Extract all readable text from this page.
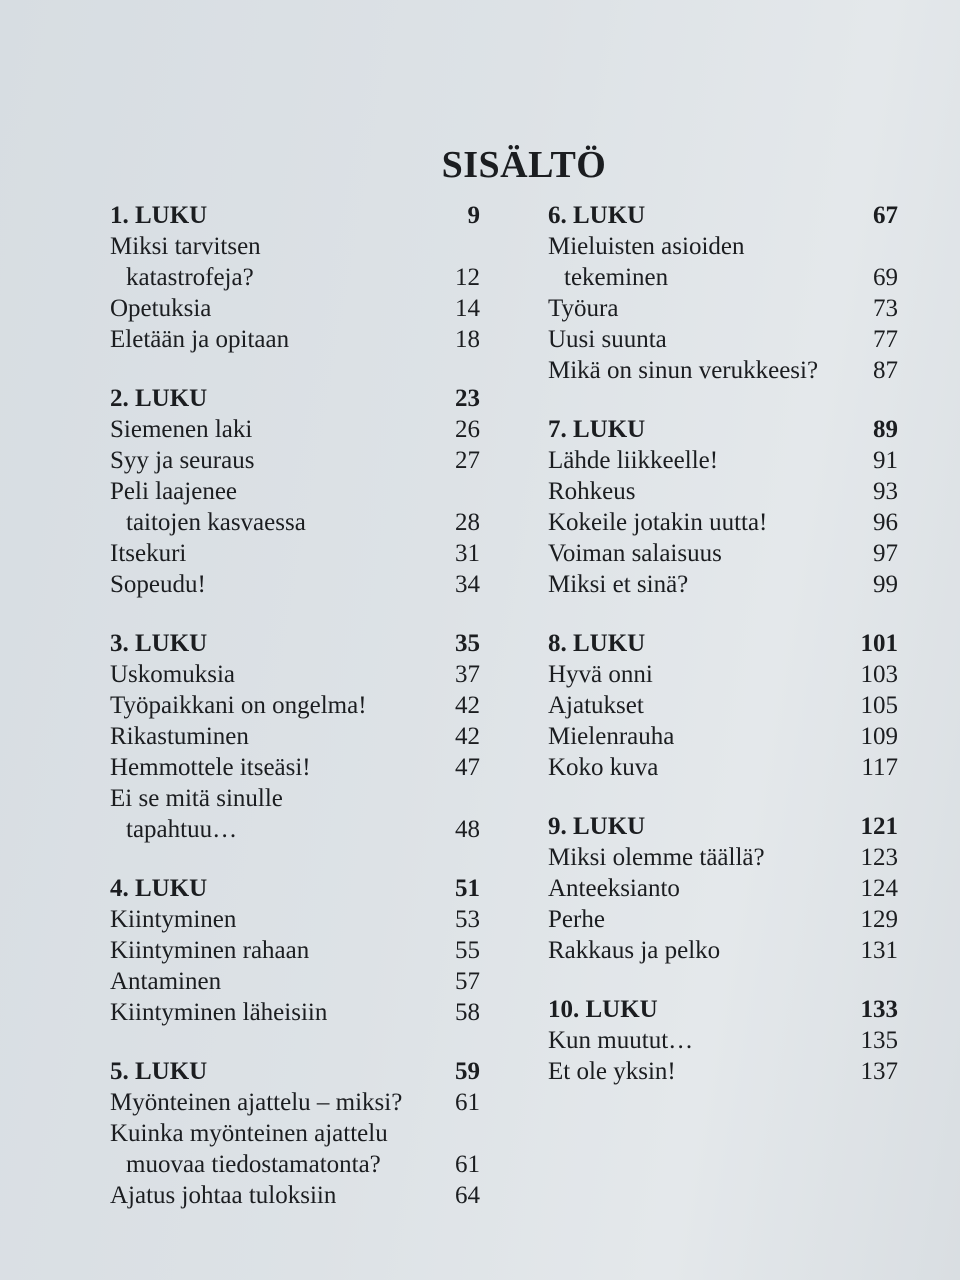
SISÄLTÖ
1. LUKU	9
Miksi tarvitsen
katastrofeja?	12
Opetuksia	14
Eletään ja opitaan	18
2. LUKU	23
Siemenen laki	26
Syy ja seuraus	27
Peli laajenee
taitojen kasvaessa	28
Itsekuri	31
Sopeudu!	34
3. LUKU	35
Uskomuksia	37
Työpaikkani on ongelma!	42
Rikastuminen	42
Hemmottele itseäsi!	47
Ei se mitä sinulle
tapahtuu…	48
4. LUKU	51
Kiintyminen	53
Kiintyminen rahaan	55
Antaminen	57
Kiintyminen läheisiin	58
5. LUKU	59
Myönteinen ajattelu – miksi?	61
Kuinka myönteinen ajattelu
muovaa tiedostamatonta?	61
Ajatus johtaa tuloksiin	64
6. LUKU	67
Mieluisten asioiden
tekeminen	69
Työura	73
Uusi suunta	77
Mikä on sinun verukkeesi?	87
7. LUKU	89
Lähde liikkeelle!	91
Rohkeus	93
Kokeile jotakin uutta!	96
Voiman salaisuus	97
Miksi et sinä?	99
8. LUKU	101
Hyvä onni	103
Ajatukset	105
Mielenrauha	109
Koko kuva	117
9. LUKU	121
Miksi olemme täällä?	123
Anteeksianto	124
Perhe	129
Rakkaus ja pelko	131
10. LUKU	133
Kun muutut…	135
Et ole yksin!	137
